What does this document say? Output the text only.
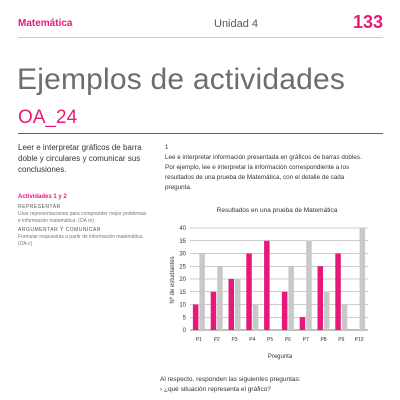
Matemática	Unidad 4	133
Ejemplos de actividades
OA_24
Leer e interpretar gráficos de barra doble y circulares y comunicar sus conclusiones.
Actividades 1 y 2
REPRESENTAR
Usar representaciones para comprender mejor problemas e información matemática. (OA m)
ARGUMENTAR Y COMUNICAR
Formular respuestas a partir de información matemática. (OA c)
1
Lee e interpretar información presentada en gráficos de barras dobles. Por ejemplo, lee e interpretar la información correspondiente a los resultados de una prueba de Matemática, con el detalle de cada pregunta.
Resultados en una prueba de Matemática
Nº de estudiantes
Pregunta
0
5
10
15
20
25
30
35
40
P1 P2 P3 P4 P5 P6 P7 P8 P9 P10
Al respecto, responden las siguientes preguntas:
› ¿qué situación representa el gráfico?
